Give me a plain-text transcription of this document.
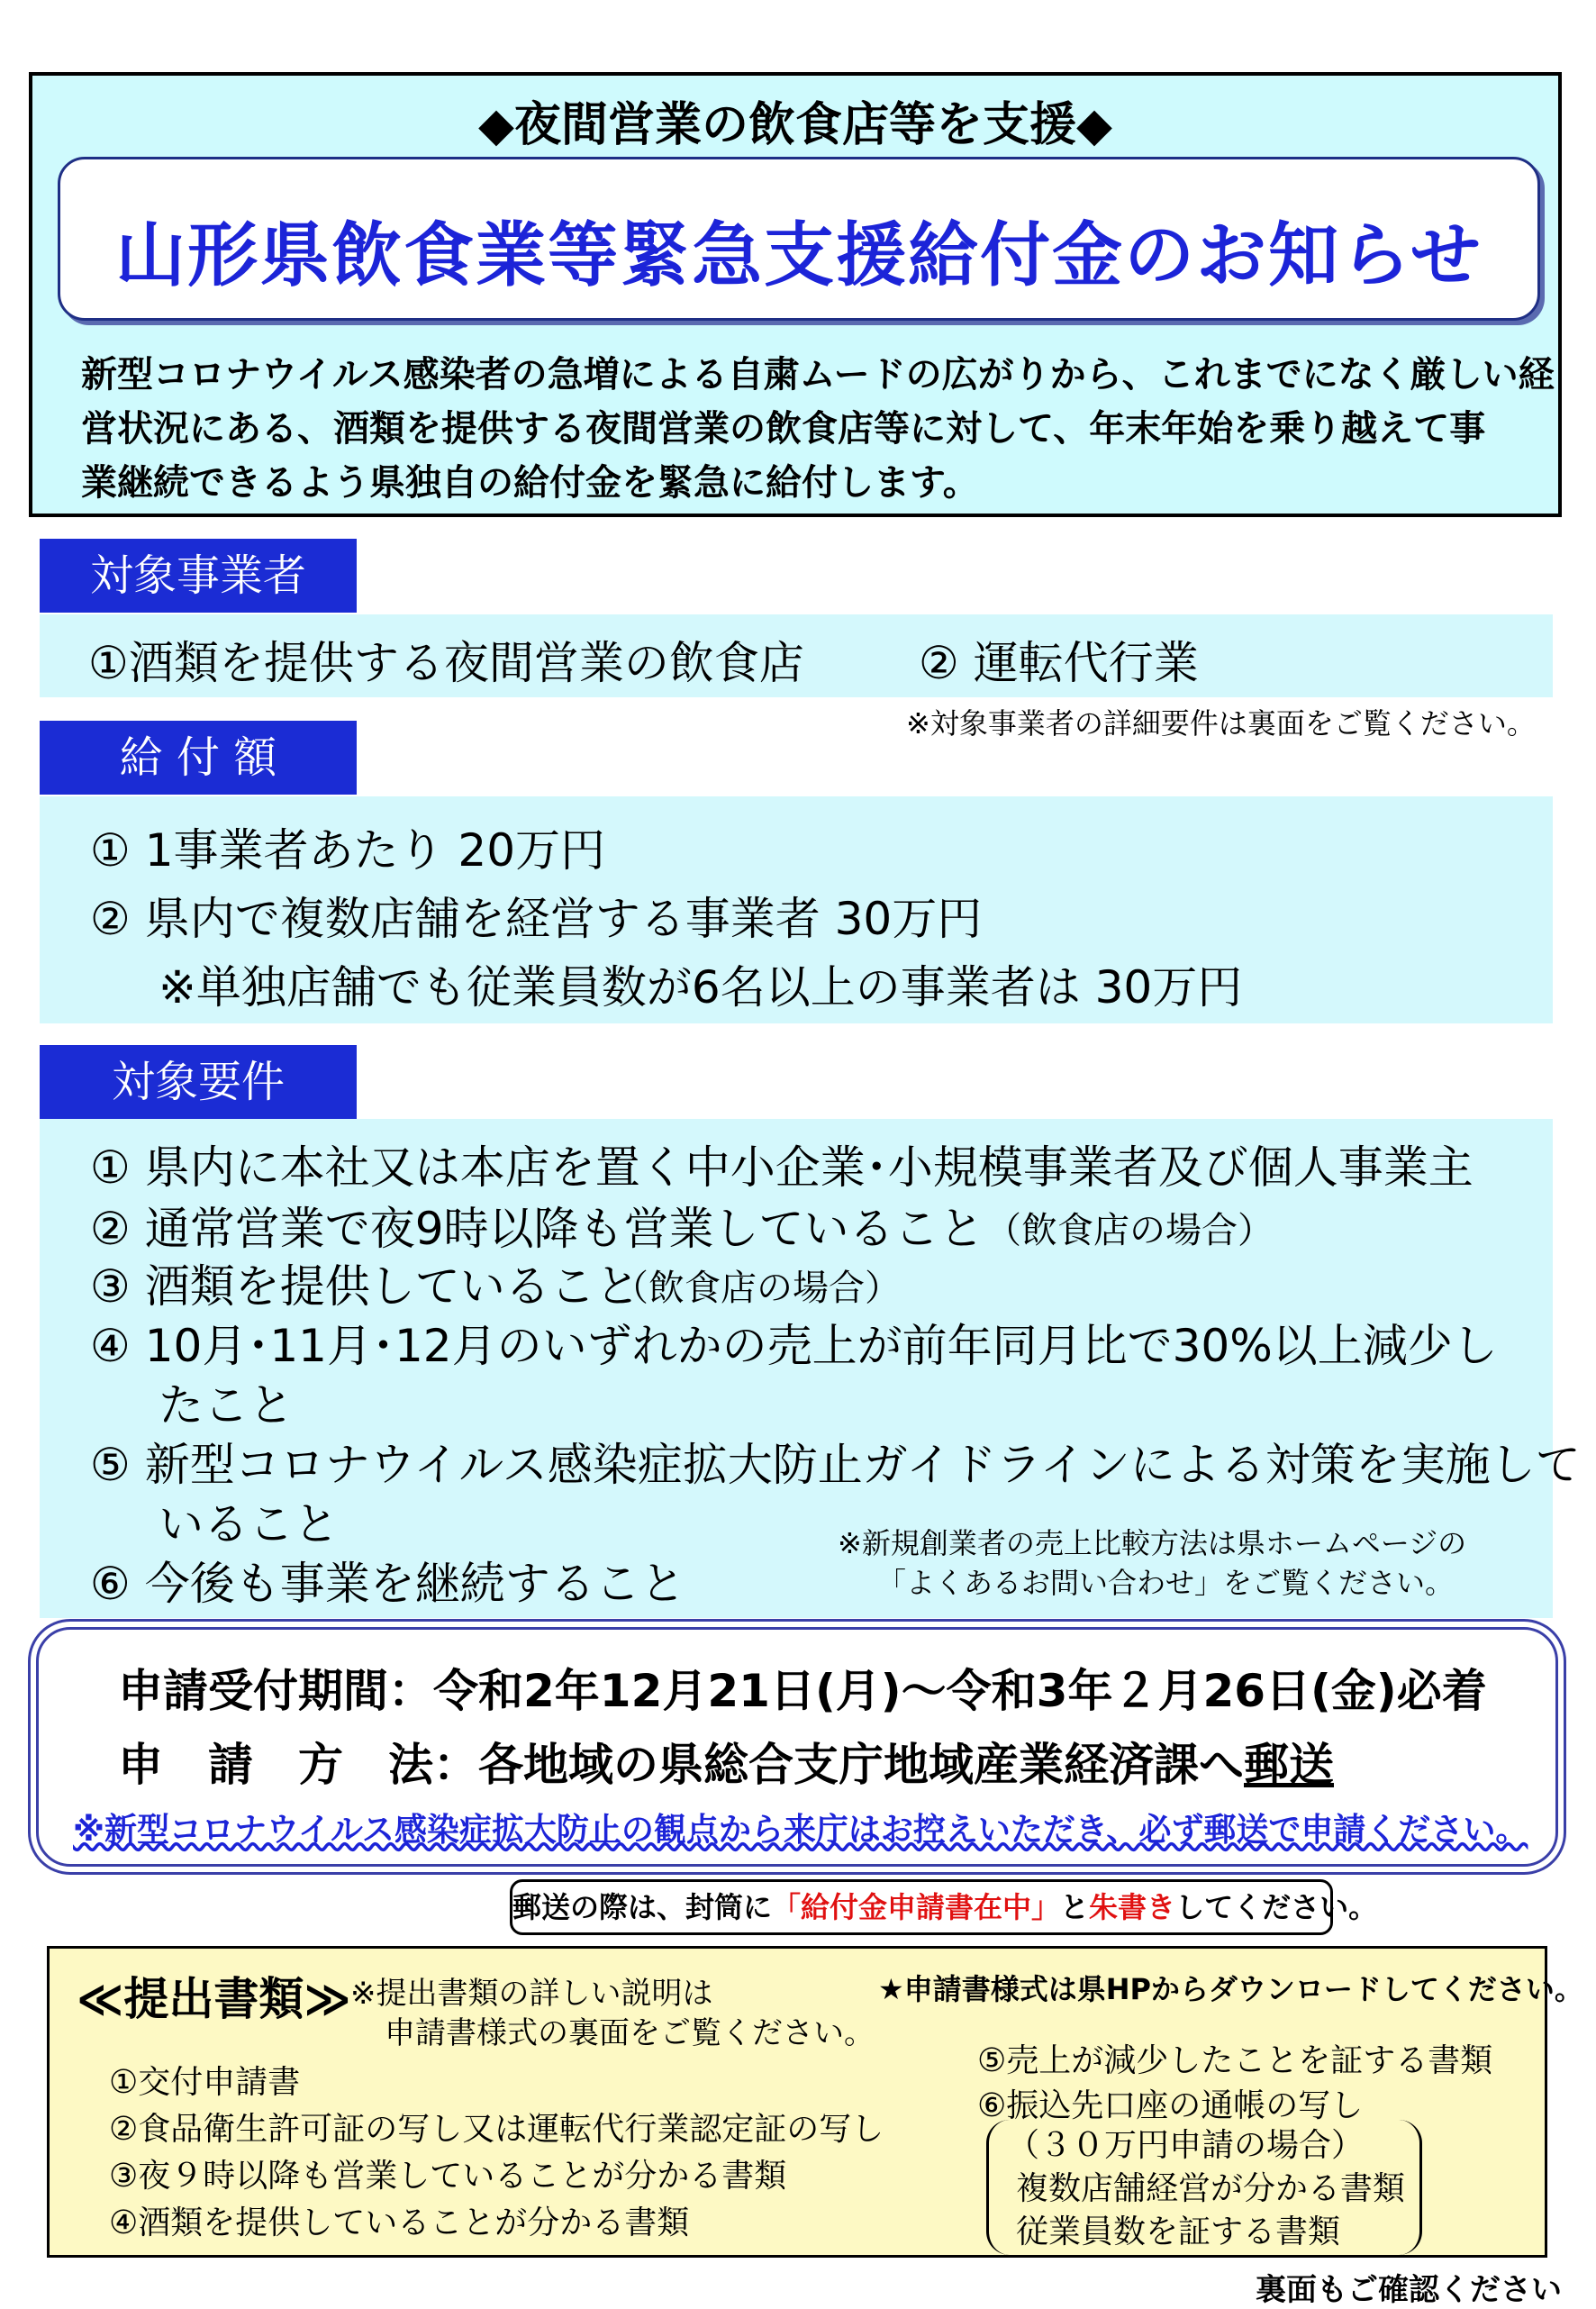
◆夜間営業の飲食店等を支援◆
山形県飲食業等緊急支援給付金のお知らせ
新型コロナウイルス感染者の急増による自粛ムードの広がりから、これまでになく厳しい経
営状況にある、酒類を提供する夜間営業の飲食店等に対して、年末年始を乗り越えて事
業継続できるよう県独自の給付金を緊急に給付します。
対象事業者
①酒類を提供する夜間営業の飲食店	② 運転代行業
※対象事業者の詳細要件は裏面をご覧ください。
給 付 額
① 1事業者あたり 20万円
② 県内で複数店舗を経営する事業者 30万円
※単独店舗でも従業員数が6名以上の事業者は 30万円
対象要件
① 県内に本社又は本店を置く中小企業･小規模事業者及び個人事業主
② 通常営業で夜9時以降も営業していること （飲食店の場合）
③ 酒類を提供していること
（飲食店の場合）
④ 10月･11月･12月のいずれかの売上が前年同月比で30%以上減少し
たこと
⑤ 新型コロナウイルス感染症拡大防止ガイドラインによる対策を実施して
いること
⑥ 今後も事業を継続すること
※新規創業者の売上比較方法は県ホームページの
「よくあるお問い合わせ」をご覧ください。
申請受付期間：令和2年12月21日(月)～令和3年２月26日(金)必着
申　請　方　法：各地域の県総合支庁地域産業経済課へ郵送
※新型コロナウイルス感染症拡大防止の観点から来庁はお控えいただき、必ず郵送で申請ください。
郵送の際は、封筒に「給付金申請書在中」と朱書きしてください。
≪提出書類≫ ※提出書類の詳しい説明は
申請書様式の裏面をご覧ください。
★申請書様式は県HPからダウンロードしてください。
①交付申請書
②食品衛生許可証の写し又は運転代行業認定証の写し
③夜９時以降も営業していることが分かる書類
④酒類を提供していることが分かる書類
⑤売上が減少したことを証する書類
⑥振込先口座の通帳の写し
（３０万円申請の場合）
複数店舗経営が分かる書類
従業員数を証する書類
裏面もご確認ください
